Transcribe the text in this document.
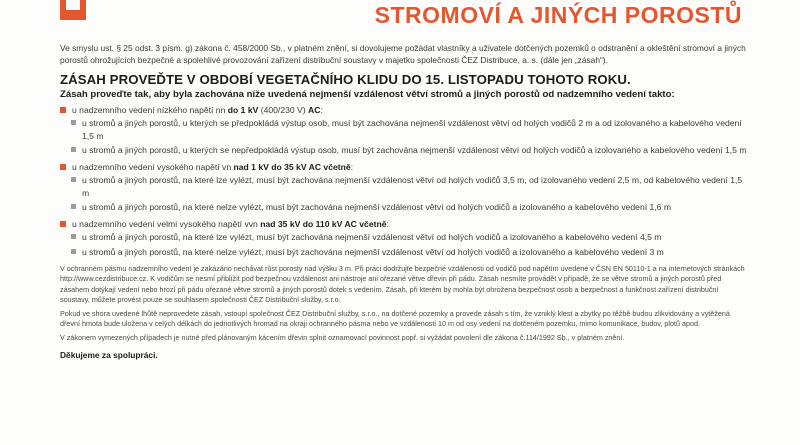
STROMOVÍ A JINÝCH POROSTŮ

Ve smyslu ust. § 25 odst. 3 písm. g) zákona č. 458/2000 Sb., v platném znění, si dovolujeme požádat vlastníky a uživatele dotčených pozemků o odstranění a okleštění stromoví a jiných porostů ohrožujících bezpečné a spolehlivé provozování zařízení distribuční soustavy v majetku společnosti ČEZ Distribuce, a. s. (dále jen „zásah“).

ZÁSAH PROVEĎTE V OBDOBÍ VEGETAČNÍHO KLIDU DO 15. LISTOPADU TOHOTO ROKU.
Zásah proveďte tak, aby byla zachována níže uvedená nejmenší vzdálenost větví stromů a jiných porostů od nadzemního vedení takto:
u nadzemního vedení nízkého napětí nn do 1 kV (400/230 V) AC:
u stromů a jiných porostů, u kterých se předpokládá výstup osob, musí být zachována nejmenší vzdálenost větví od holých vodičů 2 m a od izolovaného a kabelového vedení 1,5 m
u stromů a jiných porostů, u kterých se nepředpokládá výstup osob, musí být zachována nejmenší vzdálenost větví od holých vodičů a izolovaného a kabelového vedení 1,5 m
u nadzemního vedení vysokého napětí vn nad 1 kV do 35 kV AC včetně:
u stromů a jiných porostů, na které lze vylézt, musí být zachována nejmenší vzdálenost větví od holých vodičů 3,5 m, od izolovaného vedení 2,5 m, od kabelového vedení 1,5 m
u stromů a jiných porostů, na které nelze vylézt, musí být zachována nejmenší vzdálenost větví od holých vodičů a izolovaného a kabelového vedení 1,6 m
u nadzemního vedení velmi vysokého napětí vvn nad 35 kV do 110 kV AC včetně:
u stromů a jiných porostů, na které lze vylézt, musí být zachována nejmenší vzdálenost větví od holých vodičů a izolovaného a kabelového vedení 4,5 m
u stromů a jiných porostů, na které nelze vylézt, musí být zachována nejmenší vzdálenost větví od holých vodičů a izolovaného a kabelového vedení 3 m

V ochranném pásmu nadzemního vedení je zakázáno nechávat růst porosty nad výšku 3 m. Při práci dodržujte bezpečné vzdálenosti od vodičů pod napětím uvedené v ČSN EN 50110-1 a na internetových stránkách http://www.cezdistribuce.cz. K vodičům se nesmí přiblížit pod bezpečnou vzdálenost ani nástroje ani ořezané větve dřevin při pádu. Zásah nesmíte provádět v případě, že se větve stromů a jiných porostů před zásahem dotýkají vedení nebo hrozí při pádu ořezané větve stromů a jiných porostů dotek s vedením. Zásah, při kterém by mohla být ohrožena bezpečnost osob a bezpečnost a funkčnost zařízení distribuční soustavy, můžete provést pouze se souhlasem společnosti ČEZ Distribuční služby, s.r.o.

Pokud ve shora uvedené lhůtě neprovedete zásah, vstoupí společnost ČEZ Distribuční služby, s.r.o., na dotčené pozemky a provede zásah s tím, že vzniklý klest a zbytky po těžbě budou zlikvidovány a vytěžená dřevní hmota bude uložena v celých délkách do jednotlivých hromad na okraji ochranného pásma nebo ve vzdálenosti 10 m od osy vedení na dotčeném pozemku, mimo komunikace, budov, plotů apod.

V zákonem vymezených případech je nutné před plánovaným kácením dřevin splnit oznamovací povinnost popř. si vyžádat povolení dle zákona č.114/1992 Sb., v platném znění.

Děkujeme za spolupráci.
